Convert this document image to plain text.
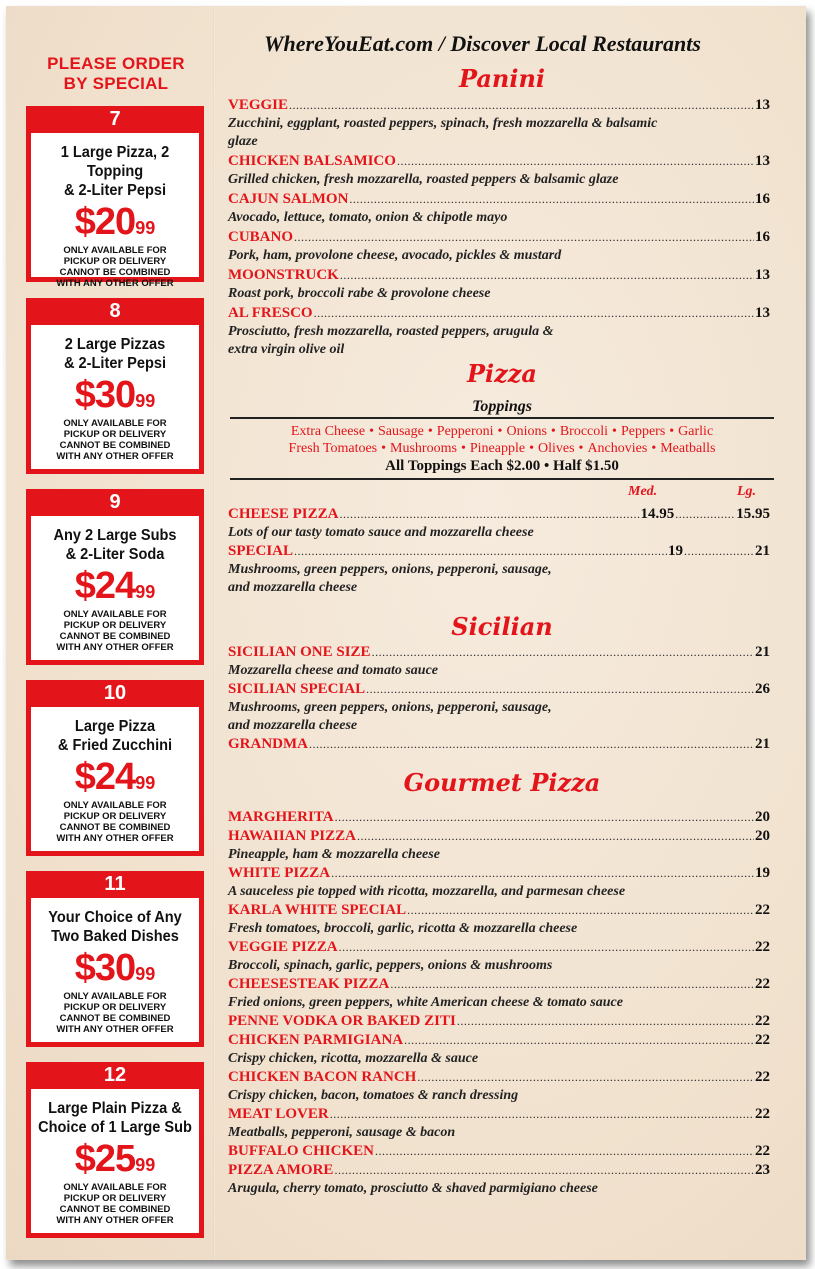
PLEASE ORDER
BY SPECIAL
7
1 Large Pizza, 2 Topping
& 2-Liter Pepsi
$\$20^{99}$
ONLY AVAILABLE FOR
PICKUP OR DELIVERY
CANNOT BE COMBINED
WITH ANY OTHER OFFER
8
2 Large Pizzas
& 2-Liter Pepsi
$\$30^{99}$
ONLY AVAILABLE FOR
PICKUP OR DELIVERY
CANNOT BE COMBINED
WITH ANY OTHER OFFER
9
Any 2 Large Subs
& 2-Liter Soda
$\$24^{99}$
ONLY AVAILABLE FOR
PICKUP OR DELIVERY
CANNOT BE COMBINED
WITH ANY OTHER OFFER
10
Large Pizza
& Fried Zucchini
$\$24^{99}$
ONLY AVAILABLE FOR
PICKUP OR DELIVERY
CANNOT BE COMBINED
WITH ANY OTHER OFFER
11
Your Choice of Any
Two Baked Dishes
$\$30^{99}$
ONLY AVAILABLE FOR
PICKUP OR DELIVERY
CANNOT BE COMBINED
WITH ANY OTHER OFFER
12
Large Plain Pizza &
Choice of 1 Large Sub
$\$25^{99}$
ONLY AVAILABLE FOR
PICKUP OR DELIVERY
CANNOT BE COMBINED
WITH ANY OTHER OFFER
WhereYouEat.com / Discover Local Restaurants
Panini
VEGGIE .....	13
Zucchini, eggplant, roasted peppers, spinach, fresh mozzarella & balsamic
glaze
CHICKEN BALSAMICO .....	13
Grilled chicken, fresh mozzarella, roasted peppers & balsamic glaze
CAJUN SALMON .....	16
Avocado, lettuce, tomato, onion & chipotle mayo
CUBANO .....	16
Pork, ham, provolone cheese, avocado, pickles & mustard
MOONSTRUCK .....	13
Roast pork, broccoli rabe & provolone cheese
AL FRESCO .....	13
Prosciutto, fresh mozzarella, roasted peppers, arugula &
extra virgin olive oil
Pizza
Toppings
Extra Cheese • Sausage • Pepperoni • Onions • Broccoli • Peppers • Garlic
Fresh Tomatoes • Mushrooms • Pineapple • Olives • Anchovies • Meatballs
All Toppings Each $2.00 • Half $1.50
Med.	Lg.
CHEESE PIZZA .....	14.95 .....	15.95
Lots of our tasty tomato sauce and mozzarella cheese
SPECIAL .....	19 .....	21
Mushrooms, green peppers, onions, pepperoni, sausage,
and mozzarella cheese
Sicilian
SICILIAN ONE SIZE .....	21
Mozzarella cheese and tomato sauce
SICILIAN SPECIAL .....	26
Mushrooms, green peppers, onions, pepperoni, sausage,
and mozzarella cheese
GRANDMA .....	21
Gourmet Pizza
MARGHERITA .....	20
HAWAIIAN PIZZA .....	20
Pineapple, ham & mozzarella cheese
WHITE PIZZA .....	19
A sauceless pie topped with ricotta, mozzarella, and parmesan cheese
KARLA WHITE SPECIAL .....	22
Fresh tomatoes, broccoli, garlic, ricotta & mozzarella cheese
VEGGIE PIZZA .....	22
Broccoli, spinach, garlic, peppers, onions & mushrooms
CHEESESTEAK PIZZA .....	22
Fried onions, green peppers, white American cheese & tomato sauce
PENNE VODKA OR BAKED ZITI .....	22
CHICKEN PARMIGIANA .....	22
Crispy chicken, ricotta, mozzarella & sauce
CHICKEN BACON RANCH .....	22
Crispy chicken, bacon, tomatoes & ranch dressing
MEAT LOVER .....	22
Meatballs, pepperoni, sausage & bacon
BUFFALO CHICKEN .....	22
PIZZA AMORE .....	23
Arugula, cherry tomato, prosciutto & shaved parmigiano cheese
